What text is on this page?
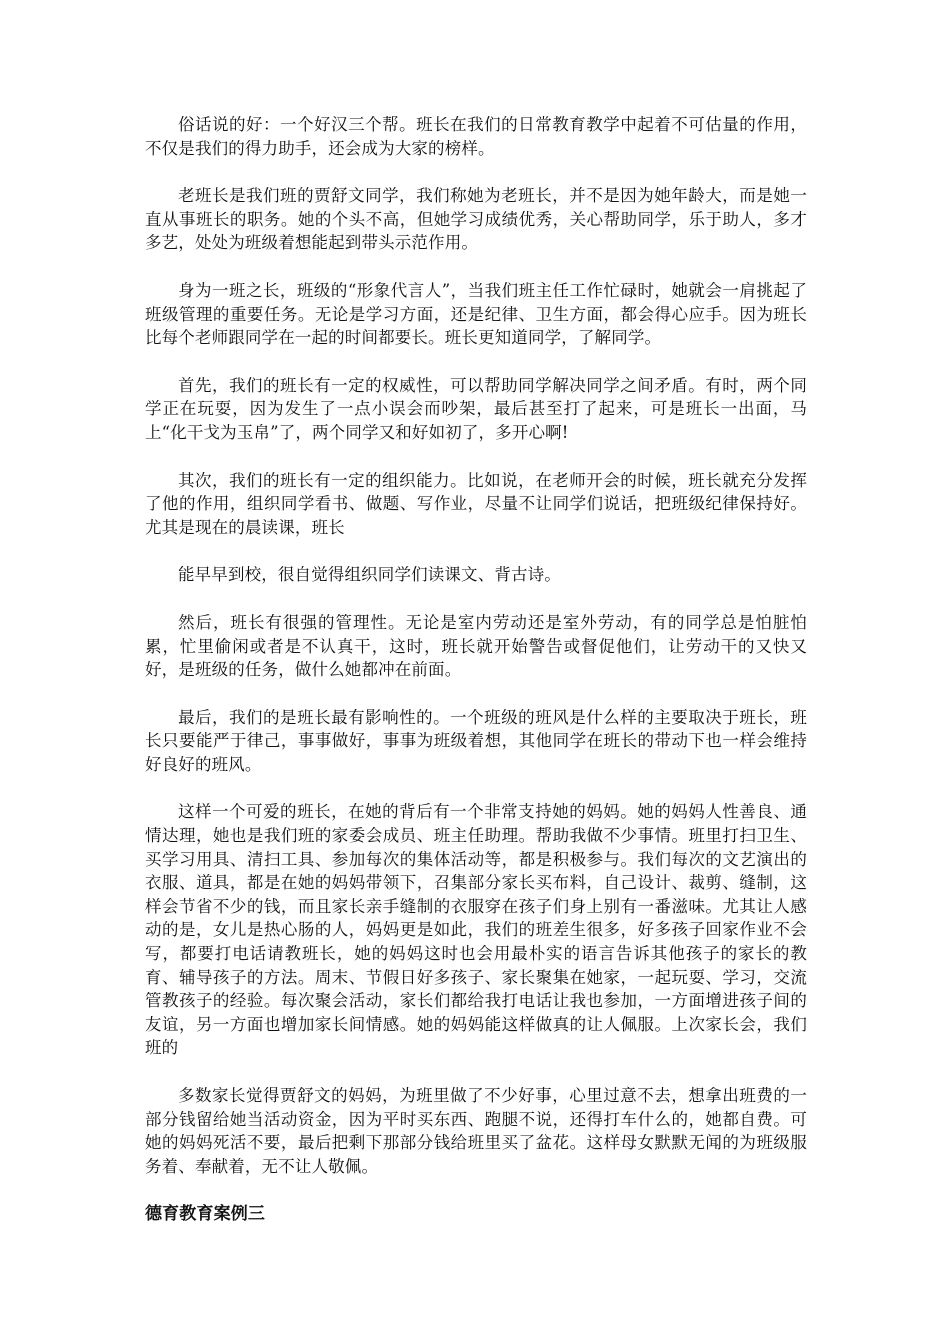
俗话说的好：一个好汉三个帮。班长在我们的日常教育教学中起着不可估量的作用，不仅是我们的得力助手，还会成为大家的榜样。

老班长是我们班的贾舒文同学，我们称她为老班长，并不是因为她年龄大，而是她一直从事班长的职务。她的个头不高，但她学习成绩优秀，关心帮助同学，乐于助人，多才多艺，处处为班级着想能起到带头示范作用。

身为一班之长，班级的“形象代言人”，当我们班主任工作忙碌时，她就会一肩挑起了班级管理的重要任务。无论是学习方面，还是纪律、卫生方面，都会得心应手。因为班长比每个老师跟同学在一起的时间都要长。班长更知道同学，了解同学。

首先，我们的班长有一定的权威性，可以帮助同学解决同学之间矛盾。有时，两个同学正在玩耍，因为发生了一点小误会而吵架，最后甚至打了起来，可是班长一出面，马上“化干戈为玉帛”了，两个同学又和好如初了，多开心啊!

其次，我们的班长有一定的组织能力。比如说，在老师开会的时候，班长就充分发挥了他的作用，组织同学看书、做题、写作业，尽量不让同学们说话，把班级纪律保持好。尤其是现在的晨读课，班长

能早早到校，很自觉得组织同学们读课文、背古诗。

然后，班长有很强的管理性。无论是室内劳动还是室外劳动，有的同学总是怕脏怕累，忙里偷闲或者是不认真干，这时，班长就开始警告或督促他们，让劳动干的又快又好，是班级的任务，做什么她都冲在前面。

最后，我们的是班长最有影响性的。一个班级的班风是什么样的主要取决于班长，班长只要能严于律己，事事做好，事事为班级着想，其他同学在班长的带动下也一样会维持好良好的班风。

这样一个可爱的班长，在她的背后有一个非常支持她的妈妈。她的妈妈人性善良、通情达理，她也是我们班的家委会成员、班主任助理。帮助我做不少事情。班里打扫卫生、买学习用具、清扫工具、参加每次的集体活动等，都是积极参与。我们每次的文艺演出的衣服、道具，都是在她的妈妈带领下，召集部分家长买布料，自己设计、裁剪、缝制，这样会节省不少的钱，而且家长亲手缝制的衣服穿在孩子们身上别有一番滋味。尤其让人感动的是，女儿是热心肠的人，妈妈更是如此，我们的班差生很多，好多孩子回家作业不会写，都要打电话请教班长，她的妈妈这时也会用最朴实的语言告诉其他孩子的家长的教育、辅导孩子的方法。周末、节假日好多孩子、家长聚集在她家，一起玩耍、学习，交流管教孩子的经验。每次聚会活动，家长们都给我打电话让我也参加，一方面增进孩子间的友谊，另一方面也增加家长间情感。她的妈妈能这样做真的让人佩服。上次家长会，我们班的

多数家长觉得贾舒文的妈妈，为班里做了不少好事，心里过意不去，想拿出班费的一部分钱留给她当活动资金，因为平时买东西、跑腿不说，还得打车什么的，她都自费。可她的妈妈死活不要，最后把剩下那部分钱给班里买了盆花。这样母女默默无闻的为班级服务着、奉献着，无不让人敬佩。

德育教育案例三
